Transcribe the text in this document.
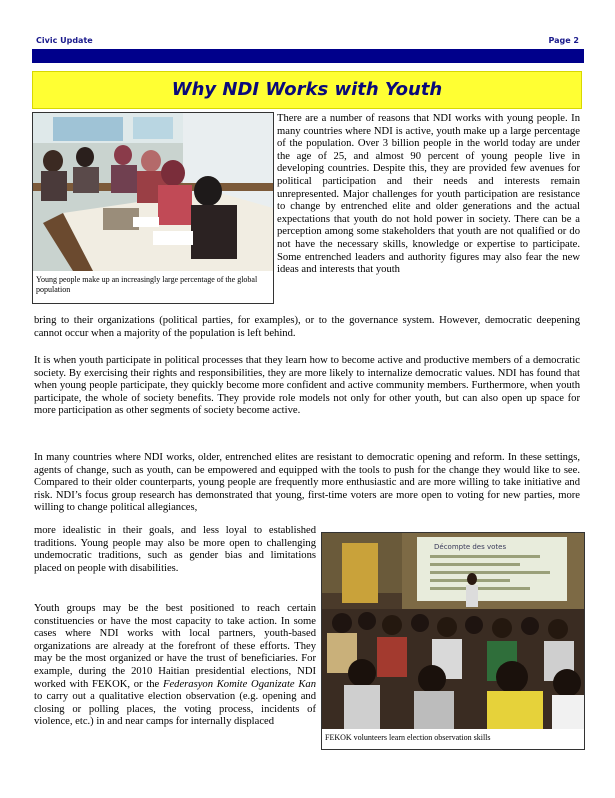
Civic Update	Page 2
Why NDI Works with Youth
Young people make up an increasingly large percentage of the global population

There are a number of reasons that NDI works with young people. In many countries where NDI is active, youth make up a large percentage of the population. Over 3 billion people in the world today are under the age of 25, and almost 90 percent of young people live in developing countries. Despite this, they are provided few avenues for political participation and their needs and interests remain unrepresented. Major challenges for youth participation are resistance to change by entrenched elite and older generations and the actual expectations that youth do not hold power in society. There can be a perception among some stakeholders that youth are not qualified or do not have the necessary skills, knowledge or expertise to participate. Some entrenched leaders and authority figures may also fear the new ideas and interests that youth

bring to their organizations (political parties, for examples), or to the governance system. However, democratic deepening cannot occur when a majority of the population is left behind.

It is when youth participate in political processes that they learn how to become active and productive members of a democratic society. By exercising their rights and responsibilities, they are more likely to internalize democratic values. NDI has found that when young people participate, they quickly become more confident and active community members. Furthermore, when youth participate, the whole of society benefits. They provide role models not only for other youth, but can also open up space for more participation as other segments of society become active.

In many countries where NDI works, older, entrenched elites are resistant to democratic opening and reform. In these settings, agents of change, such as youth, can be empowered and equipped with the tools to push for the change they would like to see. Compared to their older counterparts, young people are frequently more enthusiastic and are more willing to take initiative and risk. NDI’s focus group research has demonstrated that young, first-time voters are more open to voting for new parties, more willing to change political allegiances,

more idealistic in their goals, and less loyal to established traditions. Young people may also be more open to challenging undemocratic traditions, such as gender bias and limitations placed on people with disabilities.

Youth groups may be the best positioned to reach certain constituencies or have the most capacity to take action. In some cases where NDI works with local partners, youth-based organizations are already at the forefront of these efforts. They may be the most organized or have the trust of beneficiaries. For example, during the 2010 Haitian presidential elections, NDI worked with FEKOK, or the Federasyon Komite Oganizate Kan to carry out a qualitative election observation (e.g. opening and closing or polling places, the voting process, incidents of violence, etc.) in and near camps for internally displaced

Décompte des votes
FEKOK volunteers learn election observation skills
